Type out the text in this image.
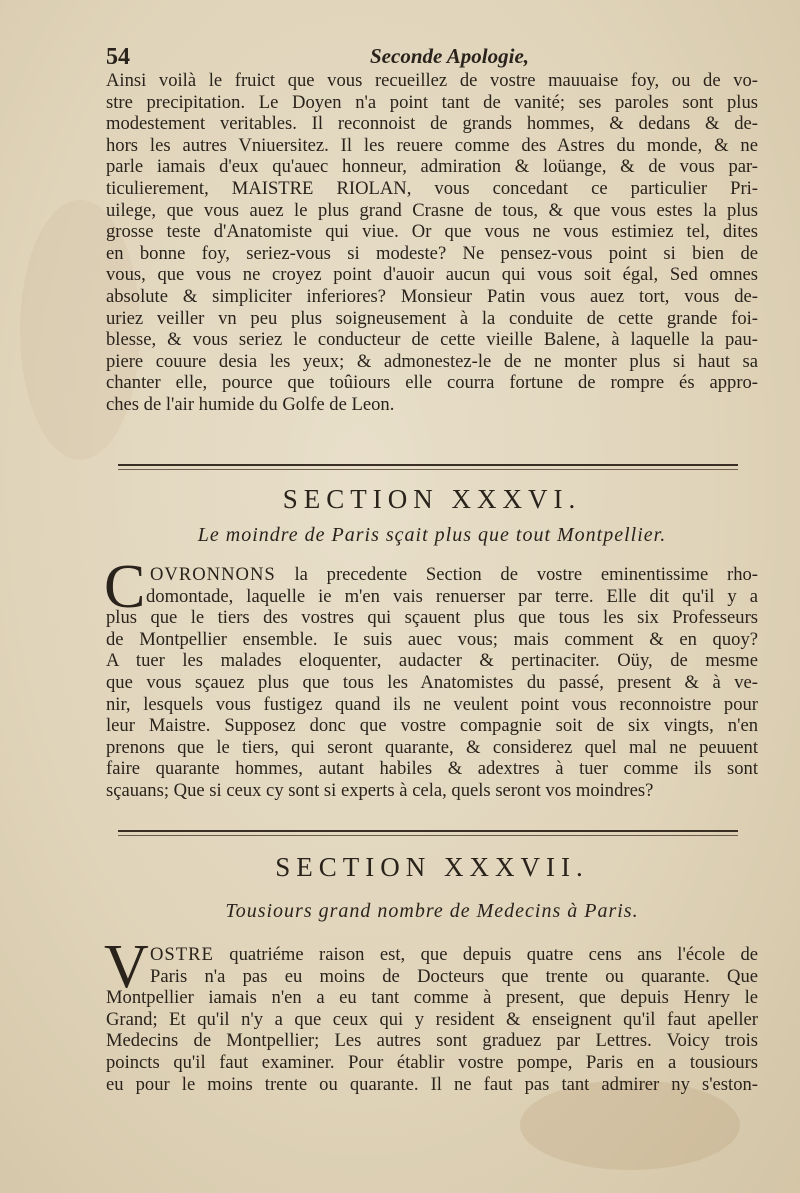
54	Seconde Apologie,
Ainsi voilà le fruict que vous recueillez de vostre mauuaise foy, ou de vo-
stre precipitation. Le Doyen n'a point tant de vanité; ses paroles sont plus
modestement veritables. Il reconnoist de grands hommes, & dedans & de-
hors les autres Vniuersitez. Il les reuere comme des Astres du monde, & ne
parle iamais d'eux qu'auec honneur, admiration & loüange, & de vous par-
ticulierement, MAISTRE RIOLAN, vous concedant ce particulier Pri-
uilege, que vous auez le plus grand Crasne de tous, & que vous estes la plus
grosse teste d'Anatomiste qui viue. Or que vous ne vous estimiez tel, dites
en bonne foy, seriez-vous si modeste? Ne pensez-vous point si bien de
vous, que vous ne croyez point d'auoir aucun qui vous soit égal, Sed omnes
absolute & simpliciter inferiores? Monsieur Patin vous auez tort, vous de-
uriez veiller vn peu plus soigneusement à la conduite de cette grande foi-
blesse, & vous seriez le conducteur de cette vieille Balene, à laquelle la pau-
piere couure desia les yeux; & admonestez-le de ne monter plus si haut sa
chanter elle, pource que toûiours elle courra fortune de rompre és appro-
ches de l'air humide du Golfe de Leon.
SECTION XXXVI.
Le moindre de Paris sçait plus que tout Montpellier.
C OVRONNONS la precedente Section de vostre eminentissime rho-
domontade, laquelle ie m'en vais renuerser par terre. Elle dit qu'il y a
plus que le tiers des vostres qui sçauent plus que tous les six Professeurs
de Montpellier ensemble. Ie suis auec vous; mais comment & en quoy?
A tuer les malades eloquenter, audacter & pertinaciter. Oüy, de mesme
que vous sçauez plus que tous les Anatomistes du passé, present & à ve-
nir, lesquels vous fustigez quand ils ne veulent point vous reconnoistre pour
leur Maistre. Supposez donc que vostre compagnie soit de six vingts, n'en
prenons que le tiers, qui seront quarante, & considerez quel mal ne peuuent
faire quarante hommes, autant habiles & adextres à tuer comme ils sont
sçauans; Que si ceux cy sont si experts à cela, quels seront vos moindres?
SECTION XXXVII.
Tousiours grand nombre de Medecins à Paris.
V OSTRE quatriéme raison est, que depuis quatre cens ans l'école de
Paris n'a pas eu moins de Docteurs que trente ou quarante. Que
Montpellier iamais n'en a eu tant comme à present, que depuis Henry le
Grand; Et qu'il n'y a que ceux qui y resident & enseignent qu'il faut apeller
Medecins de Montpellier; Les autres sont graduez par Lettres. Voicy trois
poincts qu'il faut examiner. Pour établir vostre pompe, Paris en a tousiours
eu pour le moins trente ou quarante. Il ne faut pas tant admirer ny s'eston-
